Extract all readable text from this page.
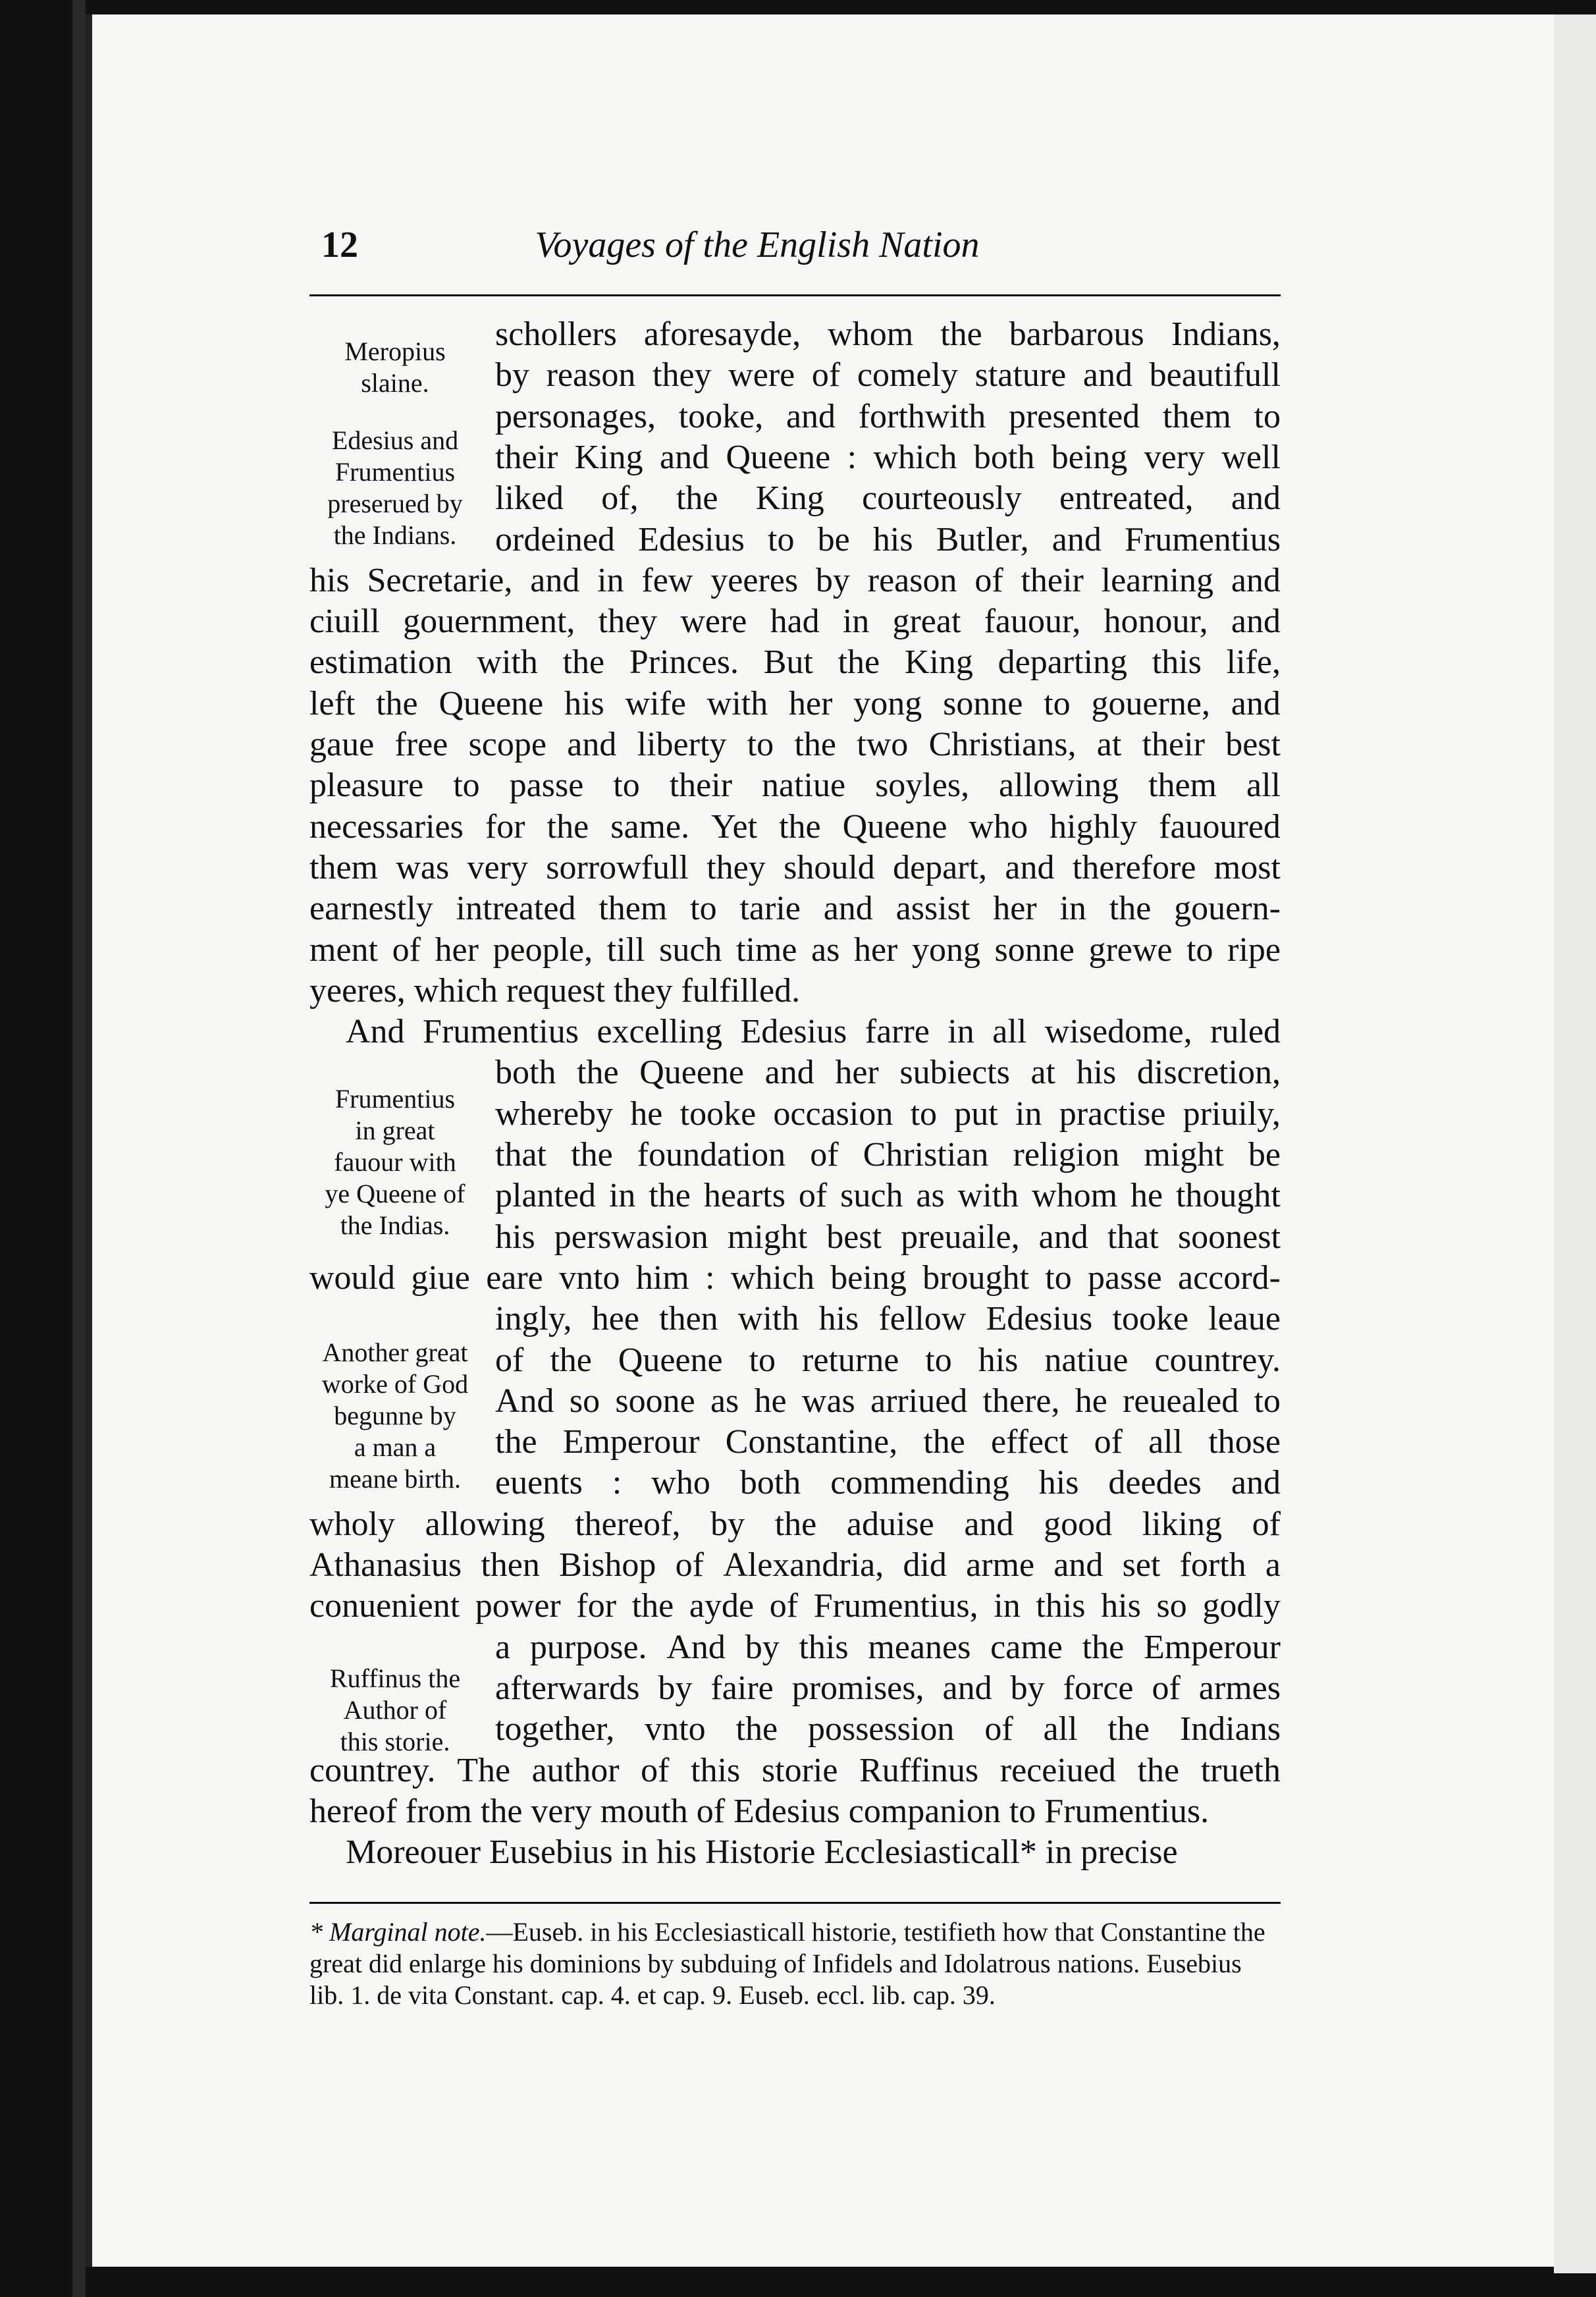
12	Voyages of the English Nation
Meropius
slaine.
Edesius and
Frumentius
preserued by
the Indians.
Frumentius
in great
fauour with
ye Queene of
the Indias.
Another great
worke of God
begunne by
a man a
meane birth.
Ruffinus the
Author of
this storie.
schollers aforesayde, whom the barbarous Indians,
by reason they were of comely stature and beautifull
personages, tooke, and forthwith presented them to
their King and Queene : which both being very well
liked of, the King courteously entreated, and
ordeined Edesius to be his Butler, and Frumentius
his Secretarie, and in few yeeres by reason of their learning and
ciuill gouernment, they were had in great fauour, honour, and
estimation with the Princes. But the King departing this life,
left the Queene his wife with her yong sonne to gouerne, and
gaue free scope and liberty to the two Christians, at their best
pleasure to passe to their natiue soyles, allowing them all
necessaries for the same. Yet the Queene who highly fauoured
them was very sorrowfull they should depart, and therefore most
earnestly intreated them to tarie and assist her in the gouern-
ment of her people, till such time as her yong sonne grewe to ripe
yeeres, which request they fulfilled.
And Frumentius excelling Edesius farre in all wisedome, ruled
both the Queene and her subiects at his discretion,
whereby he tooke occasion to put in practise priuily,
that the foundation of Christian religion might be
planted in the hearts of such as with whom he thought
his perswasion might best preuaile, and that soonest
would giue eare vnto him : which being brought to passe accord-
ingly, hee then with his fellow Edesius tooke leaue
of the Queene to returne to his natiue countrey.
And so soone as he was arriued there, he reuealed to
the Emperour Constantine, the effect of all those
euents : who both commending his deedes and
wholy allowing thereof, by the aduise and good liking of
Athanasius then Bishop of Alexandria, did arme and set forth a
conuenient power for the ayde of Frumentius, in this his so godly
a purpose. And by this meanes came the Emperour
afterwards by faire promises, and by force of armes
together, vnto the possession of all the Indians
countrey. The author of this storie Ruffinus receiued the trueth
hereof from the very mouth of Edesius companion to Frumentius.
Moreouer Eusebius in his Historie Ecclesiasticall* in precise
* Marginal note.—Euseb. in his Ecclesiasticall historie, testifieth how that Constantine the great did enlarge his dominions by subduing of Infidels and Idolatrous nations. Eusebius lib. 1. de vita Constant. cap. 4. et cap. 9. Euseb. eccl. lib. cap. 39.
